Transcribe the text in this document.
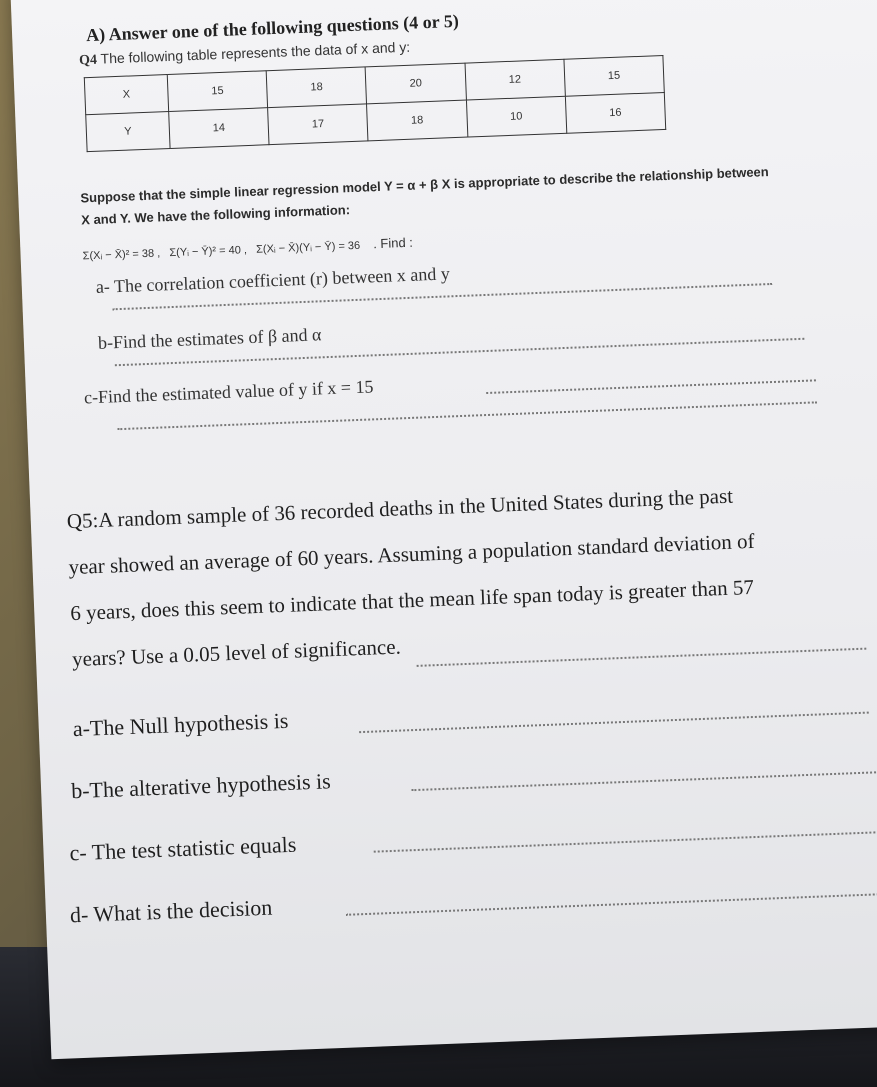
A) Answer one of the following questions (4 or 5)
Q4 The following table represents the data of x and y:
X	15	18	20	12	15
Y	14	17	18	10	16
Suppose that the simple linear regression model Y = α + β X is appropriate to describe the relationship between X and Y. We have the following information:
Σ(Xᵢ − X̄)² = 38 , Σ(Yᵢ − Ȳ)² = 40 , Σ(Xᵢ − X̄)(Yᵢ − Ȳ) = 36 . Find :
a- The correlation coefficient (r) between x and y
b-Find the estimates of β and α
c-Find the estimated value of y if x = 15
Q5:A random sample of 36 recorded deaths in the United States during the past
year showed an average of 60 years. Assuming a population standard deviation of
6 years, does this seem to indicate that the mean life span today is greater than 57
years? Use a 0.05 level of significance.
a-The Null hypothesis is
b-The alterative hypothesis is
c- The test statistic equals
d- What is the decision
